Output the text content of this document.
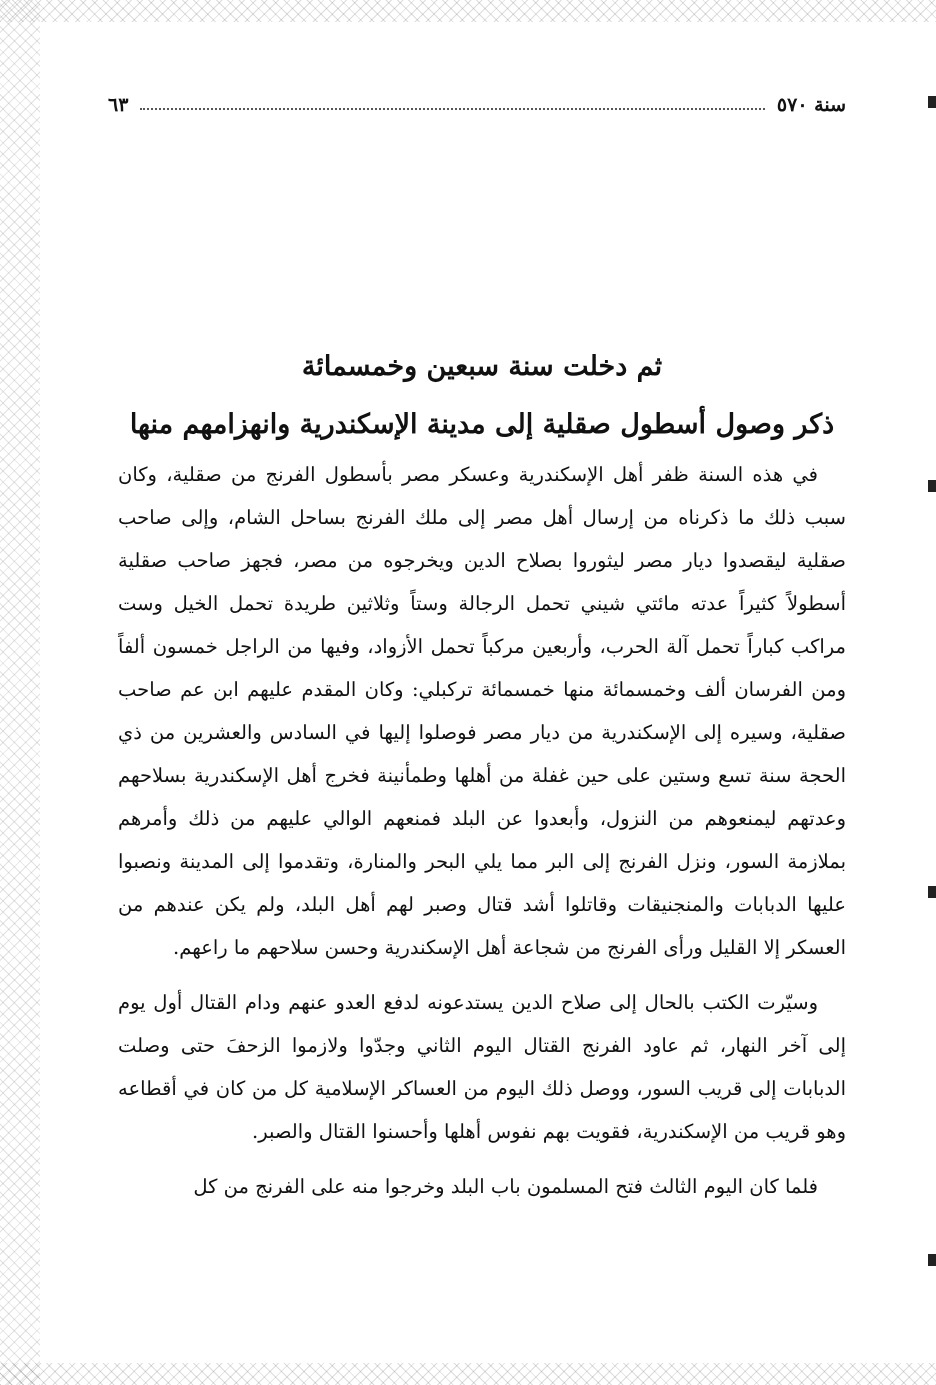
سنة ٥٧٠
٦٣
ثم دخلت سنة سبعين وخمسمائة
ذكر وصول أسطول صقلية إلى مدينة الإسكندرية وانهزامهم منها

في هذه السنة ظفر أهل الإسكندرية وعسكر مصر بأسطول الفرنج من صقلية، وكان سبب ذلك ما ذكرناه من إرسال أهل مصر إلى ملك الفرنج بساحل الشام، وإلى صاحب صقلية ليقصدوا ديار مصر ليثوروا بصلاح الدين ويخرجوه من مصر، فجهز صاحب صقلية أسطولاً كثيراً عدته مائتي شيني تحمل الرجالة وستاً وثلاثين طريدة تحمل الخيل وست مراكب كباراً تحمل آلة الحرب، وأربعين مركباً تحمل الأزواد، وفيها من الراجل خمسون ألفاً ومن الفرسان ألف وخمسمائة منها خمسمائة تركبلي: وكان المقدم عليهم ابن عم صاحب صقلية، وسيره إلى الإسكندرية من ديار مصر فوصلوا إليها في السادس والعشرين من ذي الحجة سنة تسع وستين على حين غفلة من أهلها وطمأنينة فخرج أهل الإسكندرية بسلاحهم وعدتهم ليمنعوهم من النزول، وأبعدوا عن البلد فمنعهم الوالي عليهم من ذلك وأمرهم بملازمة السور، ونزل الفرنج إلى البر مما يلي البحر والمنارة، وتقدموا إلى المدينة ونصبوا عليها الدبابات والمنجنيقات وقاتلوا أشد قتال وصبر لهم أهل البلد، ولم يكن عندهم من العسكر إلا القليل ورأى الفرنج من شجاعة أهل الإسكندرية وحسن سلاحهم ما راعهم.

وسيّرت الكتب بالحال إلى صلاح الدين يستدعونه لدفع العدو عنهم ودام القتال أول يوم إلى آخر النهار، ثم عاود الفرنج القتال اليوم الثاني وجدّوا ولازموا الزحفَ حتى وصلت الدبابات إلى قريب السور، ووصل ذلك اليوم من العساكر الإسلامية كل من كان في أقطاعه وهو قريب من الإسكندرية، فقويت بهم نفوس أهلها وأحسنوا القتال والصبر.

فلما كان اليوم الثالث فتح المسلمون باب البلد وخرجوا منه على الفرنج من كل
